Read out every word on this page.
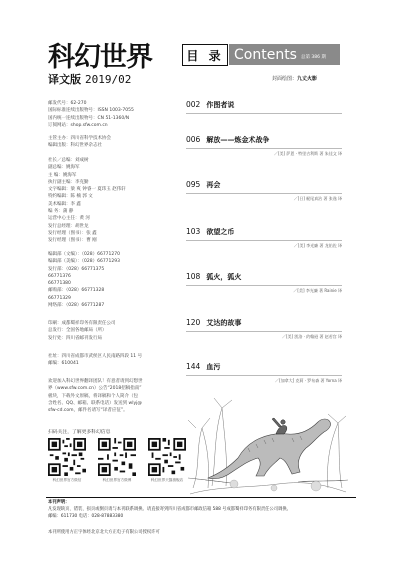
科幻世界
译文版 2019/02
邮发代号：62-270
国际标准连续出版物号：ISSN 1003-7055
国内统一连续出版物号：CN 51-1360/N
订阅网站：shop.sfw.com.cn
主管主办：四川省科学技术协会
编辑出版：科幻世界杂志社
社长／总编：刘成树
副总编：姚海军
主 编：姚海军
执行副主编：李克勤
文字编辑：梁 爽 钟睿一 夏玮玉 赵伟轩
特约编辑：陈 楠 郭 文
美术编辑：李 鑫
编 务：蒲 静
运营中心主任：黄 河
发行总经理：胡世龙
发行经理（图书）：张 鑫
发行经理（图书）：曹 刚
编辑部（文编）：（028）66771270
编辑部（美编）：（028）66771293
发行部：（028）66771375
66771376
66771380
邮购部：（028）66771328
66771329
网络部：（028）66771287
印刷：成都蜀祥印务有限责任公司
总发行：全国各地邮局（所）
发行处：四川省邮刊发行局
社址：四川省成都市武侯区人民南路四段 11 号
邮编：610041
欢迎加入科幻世界翻译团队！有意者请到幻想世
界（www.sfw.com.cn）公告“2018招稿指南”
板块，下载外文原稿，将译稿和个人简介（包
含姓名、QQ、邮箱、联系电话）发送到 wlyj@
sfw-cd.com，邮件名请写“译者应征”。
扫码关注，了解更多科幻信息
科幻世界官方微信	科幻世界官方微博	科幻世界天猫旗舰店
目 录 Contents 总第 386 期
封面绘图：九丈火影
002 作图者说
006 解放——炼金术战争
／[美] 萨恩 · 特里吉利斯 著 朱佳文 译
095 再会
／[日] 梶尾真治 著 张逸 译
103 欲望之币
／[美] 李光廉 著 龙佑佐 译
108 狐火，狐火
／[美] 李光廉 著 Rainie 译
120 艾达的故事
／[美] 凯洛 · 约翰逊 著 赵若宫 译
144 血污
／[加拿大] 克莉 · 罗布森 著 Yorna 译
本刊声明：
凡发现缺页、错装、损页或倒页请与本刊联系调换。请直接寄到四川省成都市邮政信箱 588 号成都蜀祥印务有限责任公司调换。
邮编：611730 电话：028-87883380
本刊所使用方正字体经北京北大方正电子有限公司授权许可
